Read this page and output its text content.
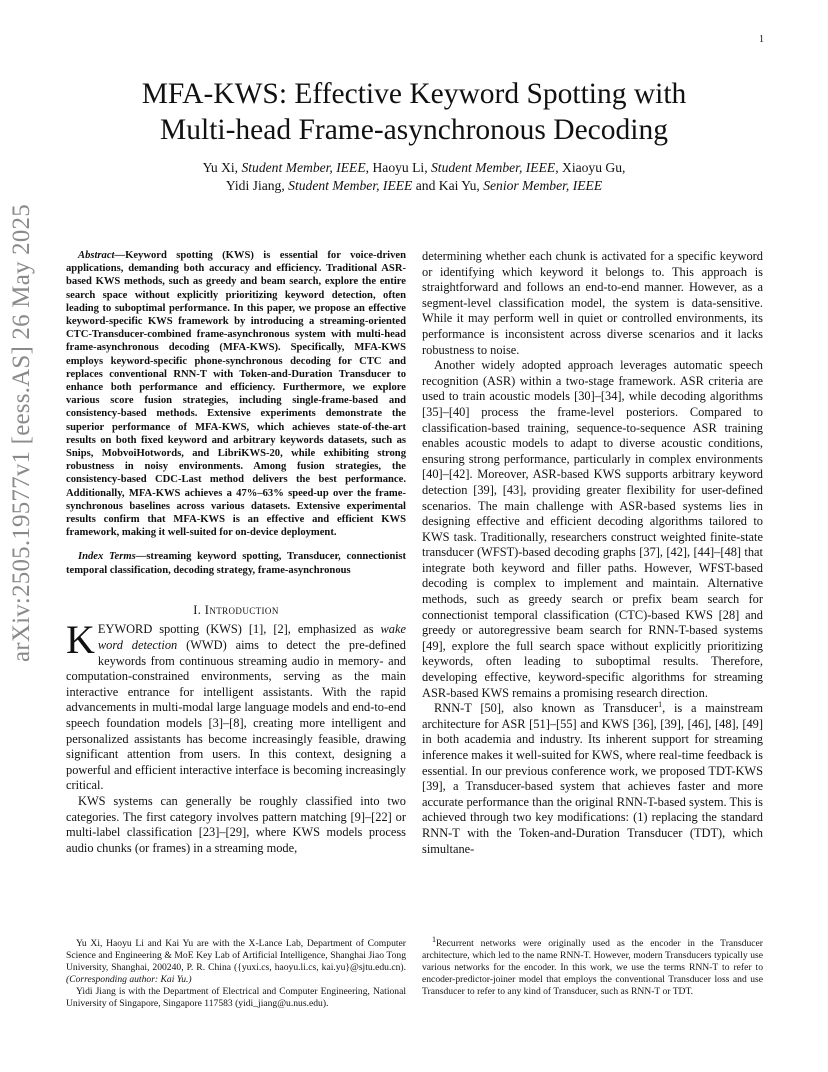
1
arXiv:2505.19577v1 [eess.AS] 26 May 2025
MFA-KWS: Effective Keyword Spotting with
Multi-head Frame-asynchronous Decoding
Yu Xi, Student Member, IEEE, Haoyu Li, Student Member, IEEE, Xiaoyu Gu,
Yidi Jiang, Student Member, IEEE and Kai Yu, Senior Member, IEEE

Abstract—Keyword spotting (KWS) is essential for voice-driven applications, demanding both accuracy and efficiency. Traditional ASR-based KWS methods, such as greedy and beam search, explore the entire search space without explicitly prioritizing keyword detection, often leading to suboptimal performance. In this paper, we propose an effective keyword-specific KWS framework by introducing a streaming-oriented CTC-Transducer-combined frame-asynchronous system with multi-head frame-asynchronous decoding (MFA-KWS). Specifically, MFA-KWS employs keyword-specific phone-synchronous decoding for CTC and replaces conventional RNN-T with Token-and-Duration Transducer to enhance both performance and efficiency. Furthermore, we explore various score fusion strategies, including single-frame-based and consistency-based methods. Extensive experiments demonstrate the superior performance of MFA-KWS, which achieves state-of-the-art results on both fixed keyword and arbitrary keywords datasets, such as Snips, MobvoiHotwords, and LibriKWS-20, while exhibiting strong robustness in noisy environments. Among fusion strategies, the consistency-based CDC-Last method delivers the best performance. Additionally, MFA-KWS achieves a 47%–63% speed-up over the frame-synchronous baselines across various datasets. Extensive experimental results confirm that MFA-KWS is an effective and efficient KWS framework, making it well-suited for on-device deployment.

Index Terms—streaming keyword spotting, Transducer, connectionist temporal classification, decoding strategy, frame-asynchronous

I. Introduction

KEYWORD spotting (KWS) [1], [2], emphasized as wake word detection (WWD) aims to detect the pre-defined keywords from continuous streaming audio in memory- and computation-constrained environments, serving as the main interactive entrance for intelligent assistants. With the rapid advancements in multi-modal large language models and end-to-end speech foundation models [3]–[8], creating more intelligent and personalized assistants has become increasingly feasible, drawing significant attention from users. In this context, designing a powerful and efficient interactive interface is becoming increasingly critical.

KWS systems can generally be roughly classified into two categories. The first category involves pattern matching [9]–[22] or multi-label classification [23]–[29], where KWS models process audio chunks (or frames) in a streaming mode,

determining whether each chunk is activated for a specific keyword or identifying which keyword it belongs to. This approach is straightforward and follows an end-to-end manner. However, as a segment-level classification model, the system is data-sensitive. While it may perform well in quiet or controlled environments, its performance is inconsistent across diverse scenarios and it lacks robustness to noise.

Another widely adopted approach leverages automatic speech recognition (ASR) within a two-stage framework. ASR criteria are used to train acoustic models [30]–[34], while decoding algorithms [35]–[40] process the frame-level posteriors. Compared to classification-based training, sequence-to-sequence ASR training enables acoustic models to adapt to diverse acoustic conditions, ensuring strong performance, particularly in complex environments [40]–[42]. Moreover, ASR-based KWS supports arbitrary keyword detection [39], [43], providing greater flexibility for user-defined scenarios. The main challenge with ASR-based systems lies in designing effective and efficient decoding algorithms tailored to KWS task. Traditionally, researchers construct weighted finite-state transducer (WFST)-based decoding graphs [37], [42], [44]–[48] that integrate both keyword and filler paths. However, WFST-based decoding is complex to implement and maintain. Alternative methods, such as greedy search or prefix beam search for connectionist temporal classification (CTC)-based KWS [28] and greedy or autoregressive beam search for RNN-T-based systems [49], explore the full search space without explicitly prioritizing keywords, often leading to suboptimal results. Therefore, developing effective, keyword-specific algorithms for streaming ASR-based KWS remains a promising research direction.

RNN-T [50], also known as Transducer$^1$, is a mainstream architecture for ASR [51]–[55] and KWS [36], [39], [46], [48], [49] in both academia and industry. Its inherent support for streaming inference makes it well-suited for KWS, where real-time feedback is essential. In our previous conference work, we proposed TDT-KWS [39], a Transducer-based system that achieves faster and more accurate performance than the original RNN-T-based system. This is achieved through two key modifications: (1) replacing the standard RNN-T with the Token-and-Duration Transducer (TDT), which simultane-

Yu Xi, Haoyu Li and Kai Yu are with the X-Lance Lab, Department of Computer Science and Engineering & MoE Key Lab of Artificial Intelligence, Shanghai Jiao Tong University, Shanghai, 200240, P. R. China ({yuxi.cs, haoyu.li.cs, kai.yu}@sjtu.edu.cn). (Corresponding author: Kai Yu.)

Yidi Jiang is with the Department of Electrical and Computer Engineering, National University of Singapore, Singapore 117583 (yidi_jiang@u.nus.edu).

$^1$Recurrent networks were originally used as the encoder in the Transducer architecture, which led to the name RNN-T. However, modern Transducers typically use various networks for the encoder. In this work, we use the terms RNN-T to refer to encoder-predictor-joiner model that employs the conventional Transducer loss and use Transducer to refer to any kind of Transducer, such as RNN-T or TDT.
